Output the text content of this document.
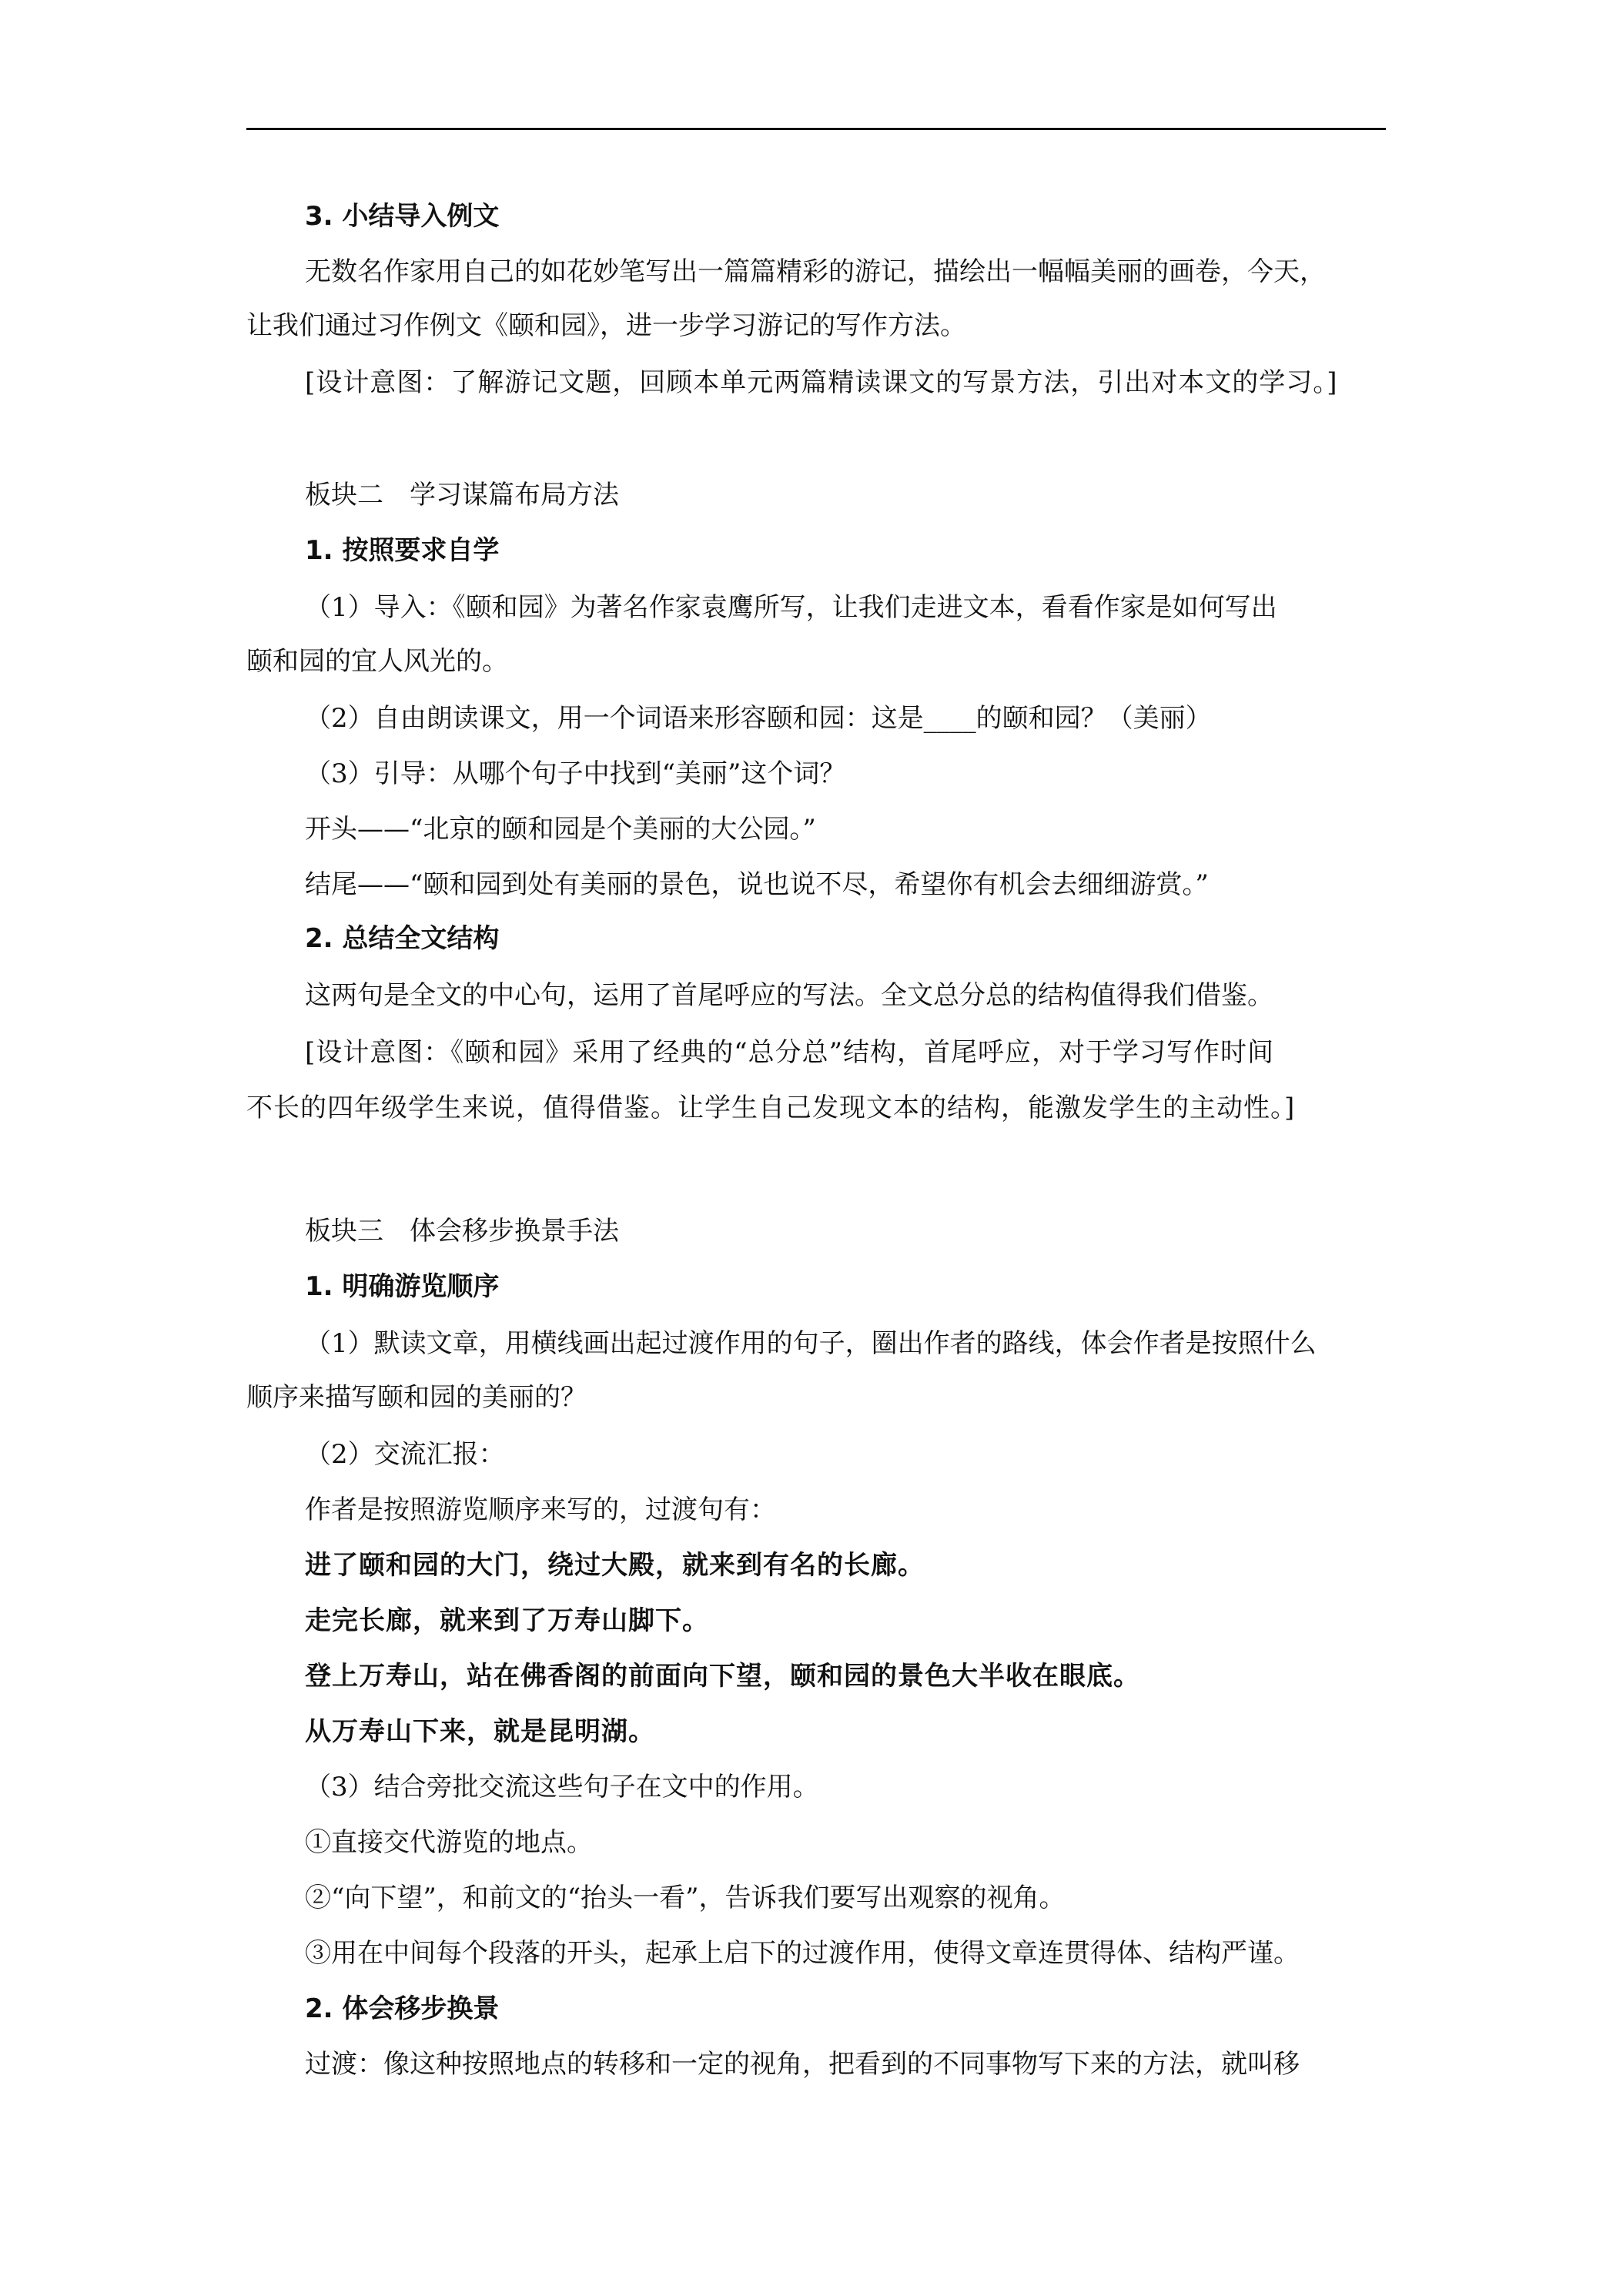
3. 小结导入例文
无数名作家用自己的如花妙笔写出一篇篇精彩的游记，描绘出一幅幅美丽的画卷，今天，
让我们通过习作例文《颐和园》，进一步学习游记的写作方法。
[设计意图：了解游记文题，回顾本单元两篇精读课文的写景方法，引出对本文的学习。]
板块二　学习谋篇布局方法
1. 按照要求自学
（1）导入：《颐和园》为著名作家袁鹰所写，让我们走进文本，看看作家是如何写出
颐和园的宜人风光的。
（2）自由朗读课文，用一个词语来形容颐和园：这是____的颐和园？（美丽）
（3）引导：从哪个句子中找到“美丽”这个词？
开头——“北京的颐和园是个美丽的大公园。”
结尾——“颐和园到处有美丽的景色，说也说不尽，希望你有机会去细细游赏。”
2. 总结全文结构
这两句是全文的中心句，运用了首尾呼应的写法。全文总分总的结构值得我们借鉴。
[设计意图：《颐和园》采用了经典的“总分总”结构，首尾呼应，对于学习写作时间
不长的四年级学生来说，值得借鉴。让学生自己发现文本的结构，能激发学生的主动性。]
板块三　体会移步换景手法
1. 明确游览顺序
（1）默读文章，用横线画出起过渡作用的句子，圈出作者的路线，体会作者是按照什么
顺序来描写颐和园的美丽的？
（2）交流汇报：
作者是按照游览顺序来写的，过渡句有：
进了颐和园的大门，绕过大殿，就来到有名的长廊。
走完长廊，就来到了万寿山脚下。
登上万寿山，站在佛香阁的前面向下望，颐和园的景色大半收在眼底。
从万寿山下来，就是昆明湖。
（3）结合旁批交流这些句子在文中的作用。
①直接交代游览的地点。
②“向下望”，和前文的“抬头一看”，告诉我们要写出观察的视角。
③用在中间每个段落的开头，起承上启下的过渡作用，使得文章连贯得体、结构严谨。
2. 体会移步换景
过渡：像这种按照地点的转移和一定的视角，把看到的不同事物写下来的方法，就叫移
